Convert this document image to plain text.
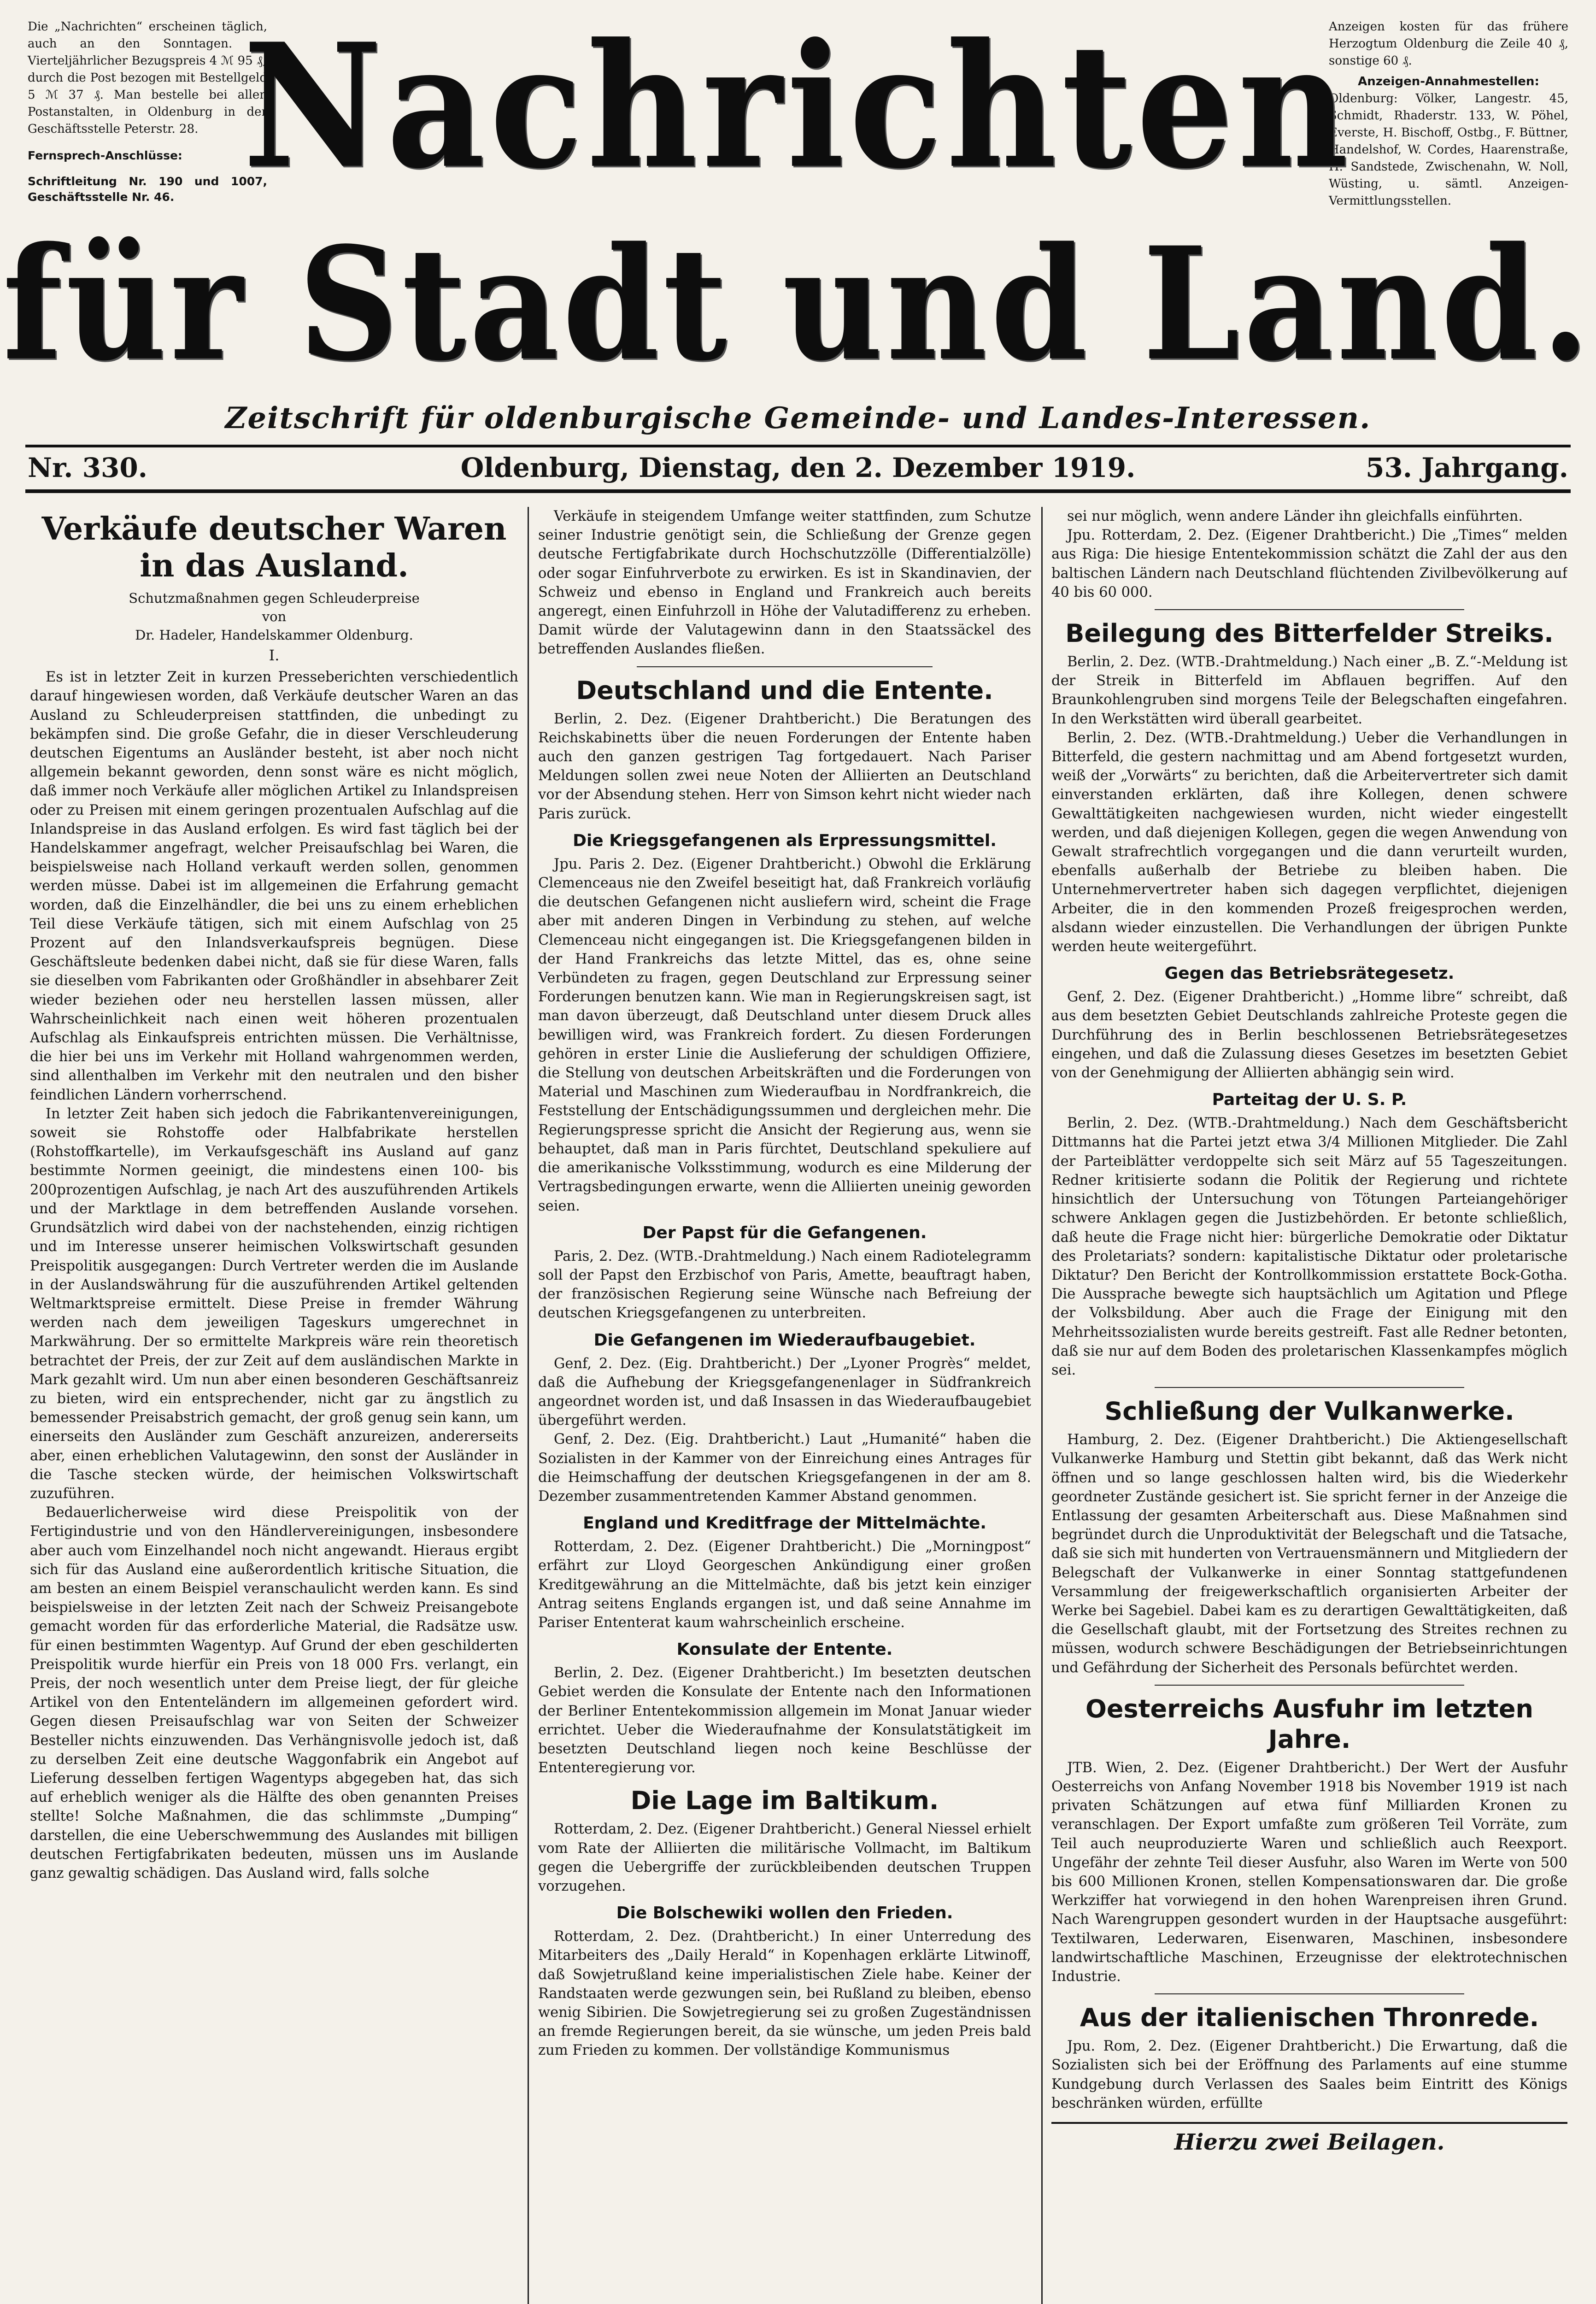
Die „Nachrichten“ erscheinen täglich, auch an den Sonntagen. — Vierteljährlicher Bezugspreis 4 ℳ 95 ₰,
durch die Post bezogen mit Bestellgeld 5 ℳ 37 ₰. Man bestelle bei allen Postanstalten, in Oldenburg in der Geschäftsstelle Peterstr. 28.
Fernsprech-Anschlüsse:
Schriftleitung Nr. 190 und 1007, Geschäftsstelle Nr. 46.
Anzeigen kosten für das frühere Herzogtum Oldenburg die Zeile 40 ₰, sonstige 60 ₰.
Anzeigen-Annahmestellen:
Oldenburg: Völker, Langestr. 45, Schmidt, Rhaderstr. 133, W. Pöhel, Everste, H. Bischoff, Ostbg., F. Büttner, Handelshof, W. Cordes, Haarenstraße, H. Sandstede, Zwischenahn, W. Noll, Wüsting, u. sämtl. Anzeigen-Vermittlungsstellen.
Nachrichten
für Stadt und Land.
Zeitschrift für oldenburgische Gemeinde- und Landes-Interessen.
Nr. 330.	Oldenburg, Dienstag, den 2. Dezember 1919.	53. Jahrgang.
Verkäufe deutscher Waren in das Ausland.
Schutzmaßnahmen gegen Schleuderpreise
von
Dr. Hadeler, Handelskammer Oldenburg.
I.

Es ist in letzter Zeit in kurzen Presseberichten verschiedentlich darauf hingewiesen worden, daß Verkäufe deutscher Waren an das Ausland zu Schleuderpreisen stattfinden, die unbedingt zu bekämpfen sind. Die große Gefahr, die in dieser Verschleuderung deutschen Eigentums an Ausländer besteht, ist aber noch nicht allgemein bekannt geworden, denn sonst wäre es nicht möglich, daß immer noch Verkäufe aller möglichen Artikel zu Inlandspreisen oder zu Preisen mit einem geringen prozentualen Aufschlag auf die Inlandspreise in das Ausland erfolgen. Es wird fast täglich bei der Handelskammer angefragt, welcher Preisaufschlag bei Waren, die beispielsweise nach Holland verkauft werden sollen, genommen werden müsse. Dabei ist im allgemeinen die Erfahrung gemacht worden, daß die Einzelhändler, die bei uns zu einem erheblichen Teil diese Verkäufe tätigen, sich mit einem Aufschlag von 25 Prozent auf den Inlandsverkaufspreis begnügen. Diese Geschäftsleute bedenken dabei nicht, daß sie für diese Waren, falls sie dieselben vom Fabrikanten oder Großhändler in absehbarer Zeit wieder beziehen oder neu herstellen lassen müssen, aller Wahrscheinlichkeit nach einen weit höheren prozentualen Aufschlag als Einkaufspreis entrichten müssen. Die Verhältnisse, die hier bei uns im Verkehr mit Holland wahrgenommen werden, sind allenthalben im Verkehr mit den neutralen und den bisher feindlichen Ländern vorherrschend.

In letzter Zeit haben sich jedoch die Fabrikantenvereinigungen, soweit sie Rohstoffe oder Halbfabrikate herstellen (Rohstoffkartelle), im Verkaufsgeschäft ins Ausland auf ganz bestimmte Normen geeinigt, die mindestens einen 100- bis 200prozentigen Aufschlag, je nach Art des auszuführenden Artikels und der Marktlage in dem betreffenden Auslande vorsehen. Grundsätzlich wird dabei von der nachstehenden, einzig richtigen und im Interesse unserer heimischen Volkswirtschaft gesunden Preispolitik ausgegangen: Durch Vertreter werden die im Auslande in der Auslandswährung für die auszuführenden Artikel geltenden Weltmarktspreise ermittelt. Diese Preise in fremder Währung werden nach dem jeweiligen Tageskurs umgerechnet in Markwährung. Der so ermittelte Markpreis wäre rein theoretisch betrachtet der Preis, der zur Zeit auf dem ausländischen Markte in Mark gezahlt wird. Um nun aber einen besonderen Geschäftsanreiz zu bieten, wird ein entsprechender, nicht gar zu ängstlich zu bemessender Preisabstrich gemacht, der groß genug sein kann, um einerseits den Ausländer zum Geschäft anzureizen, andererseits aber, einen erheblichen Valutagewinn, den sonst der Ausländer in die Tasche stecken würde, der heimischen Volkswirtschaft zuzuführen.

Bedauerlicherweise wird diese Preispolitik von der Fertigindustrie und von den Händlervereinigungen, insbesondere aber auch vom Einzelhandel noch nicht angewandt. Hieraus ergibt sich für das Ausland eine außerordentlich kritische Situation, die am besten an einem Beispiel veranschaulicht werden kann. Es sind beispielsweise in der letzten Zeit nach der Schweiz Preisangebote gemacht worden für das erforderliche Material, die Radsätze usw. für einen bestimmten Wagentyp. Auf Grund der eben geschilderten Preispolitik wurde hierfür ein Preis von 18 000 Frs. verlangt, ein Preis, der noch wesentlich unter dem Preise liegt, der für gleiche Artikel von den Ententeländern im allgemeinen gefordert wird. Gegen diesen Preisaufschlag war von Seiten der Schweizer Besteller nichts einzuwenden. Das Verhängnisvolle jedoch ist, daß zu derselben Zeit eine deutsche Waggonfabrik ein Angebot auf Lieferung desselben fertigen Wagentyps abgegeben hat, das sich auf erheblich weniger als die Hälfte des oben genannten Preises stellte! Solche Maßnahmen, die das schlimmste „Dumping“ darstellen, die eine Ueberschwemmung des Auslandes mit billigen deutschen Fertigfabrikaten bedeuten, müssen uns im Auslande ganz gewaltig schädigen. Das Ausland wird, falls solche

Verkäufe in steigendem Umfange weiter stattfinden, zum Schutze seiner Industrie genötigt sein, die Schließung der Grenze gegen deutsche Fertigfabrikate durch Hochschutzzölle (Differentialzölle) oder sogar Einfuhrverbote zu erwirken. Es ist in Skandinavien, der Schweiz und ebenso in England und Frankreich auch bereits angeregt, einen Einfuhrzoll in Höhe der Valutadifferenz zu erheben. Damit würde der Valutagewinn dann in den Staatssäckel des betreffenden Auslandes fließen.

Deutschland und die Entente.

Berlin, 2. Dez. (Eigener Drahtbericht.) Die Beratungen des Reichskabinetts über die neuen Forderungen der Entente haben auch den ganzen gestrigen Tag fortgedauert. Nach Pariser Meldungen sollen zwei neue Noten der Alliierten an Deutschland vor der Absendung stehen. Herr von Simson kehrt nicht wieder nach Paris zurück.

Die Kriegsgefangenen als Erpressungsmittel.

Jpu. Paris 2. Dez. (Eigener Drahtbericht.) Obwohl die Erklärung Clemenceaus nie den Zweifel beseitigt hat, daß Frankreich vorläufig die deutschen Gefangenen nicht ausliefern wird, scheint die Frage aber mit anderen Dingen in Verbindung zu stehen, auf welche Clemenceau nicht eingegangen ist. Die Kriegsgefangenen bilden in der Hand Frankreichs das letzte Mittel, das es, ohne seine Verbündeten zu fragen, gegen Deutschland zur Erpressung seiner Forderungen benutzen kann. Wie man in Regierungskreisen sagt, ist man davon überzeugt, daß Deutschland unter diesem Druck alles bewilligen wird, was Frankreich fordert. Zu diesen Forderungen gehören in erster Linie die Auslieferung der schuldigen Offiziere, die Stellung von deutschen Arbeitskräften und die Forderungen von Material und Maschinen zum Wiederaufbau in Nordfrankreich, die Feststellung der Entschädigungssummen und dergleichen mehr. Die Regierungspresse spricht die Ansicht der Regierung aus, wenn sie behauptet, daß man in Paris fürchtet, Deutschland spekuliere auf die amerikanische Volksstimmung, wodurch es eine Milderung der Vertragsbedingungen erwarte, wenn die Alliierten uneinig geworden seien.

Der Papst für die Gefangenen.

Paris, 2. Dez. (WTB.-Drahtmeldung.) Nach einem Radiotelegramm soll der Papst den Erzbischof von Paris, Amette, beauftragt haben, der französischen Regierung seine Wünsche nach Befreiung der deutschen Kriegsgefangenen zu unterbreiten.

Die Gefangenen im Wiederaufbaugebiet.

Genf, 2. Dez. (Eig. Drahtbericht.) Der „Lyoner Progrès“ meldet, daß die Aufhebung der Kriegsgefangenenlager in Südfrankreich angeordnet worden ist, und daß Insassen in das Wiederaufbaugebiet übergeführt werden.

Genf, 2. Dez. (Eig. Drahtbericht.) Laut „Humanité“ haben die Sozialisten in der Kammer von der Einreichung eines Antrages für die Heimschaffung der deutschen Kriegsgefangenen in der am 8. Dezember zusammentretenden Kammer Abstand genommen.

England und Kreditfrage der Mittelmächte.

Rotterdam, 2. Dez. (Eigener Drahtbericht.) Die „Morningpost“ erfährt zur Lloyd Georgeschen Ankündigung einer großen Kreditgewährung an die Mittelmächte, daß bis jetzt kein einziger Antrag seitens Englands ergangen ist, und daß seine Annahme im Pariser Ententerat kaum wahrscheinlich erscheine.

Konsulate der Entente.

Berlin, 2. Dez. (Eigener Drahtbericht.) Im besetzten deutschen Gebiet werden die Konsulate der Entente nach den Informationen der Berliner Ententekommission allgemein im Monat Januar wieder errichtet. Ueber die Wiederaufnahme der Konsulatstätigkeit im besetzten Deutschland liegen noch keine Beschlüsse der Ententeregierung vor.

Die Lage im Baltikum.

Rotterdam, 2. Dez. (Eigener Drahtbericht.) General Niessel erhielt vom Rate der Alliierten die militärische Vollmacht, im Baltikum gegen die Uebergriffe der zurückbleibenden deutschen Truppen vorzugehen.

Die Bolschewiki wollen den Frieden.

Rotterdam, 2. Dez. (Drahtbericht.) In einer Unterredung des Mitarbeiters des „Daily Herald“ in Kopenhagen erklärte Litwinoff, daß Sowjetrußland keine imperialistischen Ziele habe. Keiner der Randstaaten werde gezwungen sein, bei Rußland zu bleiben, ebenso wenig Sibirien. Die Sowjetregierung sei zu großen Zugeständnissen an fremde Regierungen bereit, da sie wünsche, um jeden Preis bald zum Frieden zu kommen. Der vollständige Kommunismus

sei nur möglich, wenn andere Länder ihn gleichfalls einführten.

Jpu. Rotterdam, 2. Dez. (Eigener Drahtbericht.) Die „Times“ melden aus Riga: Die hiesige Ententekommission schätzt die Zahl der aus den baltischen Ländern nach Deutschland flüchtenden Zivilbevölkerung auf 40 bis 60 000.

Beilegung des Bitterfelder Streiks.

Berlin, 2. Dez. (WTB.-Drahtmeldung.) Nach einer „B. Z.“-Meldung ist der Streik in Bitterfeld im Abflauen begriffen. Auf den Braunkohlengruben sind morgens Teile der Belegschaften eingefahren. In den Werkstätten wird überall gearbeitet.

Berlin, 2. Dez. (WTB.-Drahtmeldung.) Ueber die Verhandlungen in Bitterfeld, die gestern nachmittag und am Abend fortgesetzt wurden, weiß der „Vorwärts“ zu berichten, daß die Arbeitervertreter sich damit einverstanden erklärten, daß ihre Kollegen, denen schwere Gewalttätigkeiten nachgewiesen wurden, nicht wieder eingestellt werden, und daß diejenigen Kollegen, gegen die wegen Anwendung von Gewalt strafrechtlich vorgegangen und die dann verurteilt wurden, ebenfalls außerhalb der Betriebe zu bleiben haben. Die Unternehmervertreter haben sich dagegen verpflichtet, diejenigen Arbeiter, die in den kommenden Prozeß freigesprochen werden, alsdann wieder einzustellen. Die Verhandlungen der übrigen Punkte werden heute weitergeführt.

Gegen das Betriebsrätegesetz.

Genf, 2. Dez. (Eigener Drahtbericht.) „Homme libre“ schreibt, daß aus dem besetzten Gebiet Deutschlands zahlreiche Proteste gegen die Durchführung des in Berlin beschlossenen Betriebsrätegesetzes eingehen, und daß die Zulassung dieses Gesetzes im besetzten Gebiet von der Genehmigung der Alliierten abhängig sein wird.

Parteitag der U. S. P.

Berlin, 2. Dez. (WTB.-Drahtmeldung.) Nach dem Geschäftsbericht Dittmanns hat die Partei jetzt etwa 3/4 Millionen Mitglieder. Die Zahl der Parteiblätter verdoppelte sich seit März auf 55 Tageszeitungen. Redner kritisierte sodann die Politik der Regierung und richtete hinsichtlich der Untersuchung von Tötungen Parteiangehöriger schwere Anklagen gegen die Justizbehörden. Er betonte schließlich, daß heute die Frage nicht hier: bürgerliche Demokratie oder Diktatur des Proletariats? sondern: kapitalistische Diktatur oder proletarische Diktatur? Den Bericht der Kontrollkommission erstattete Bock-Gotha. Die Aussprache bewegte sich hauptsächlich um Agitation und Pflege der Volksbildung. Aber auch die Frage der Einigung mit den Mehrheitssozialisten wurde bereits gestreift. Fast alle Redner betonten, daß sie nur auf dem Boden des proletarischen Klassenkampfes möglich sei.

Schließung der Vulkanwerke.

Hamburg, 2. Dez. (Eigener Drahtbericht.) Die Aktiengesellschaft Vulkanwerke Hamburg und Stettin gibt bekannt, daß das Werk nicht öffnen und so lange geschlossen halten wird, bis die Wiederkehr geordneter Zustände gesichert ist. Sie spricht ferner in der Anzeige die Entlassung der gesamten Arbeiterschaft aus. Diese Maßnahmen sind begründet durch die Unproduktivität der Belegschaft und die Tatsache, daß sie sich mit hunderten von Vertrauensmännern und Mitgliedern der Belegschaft der Vulkanwerke in einer Sonntag stattgefundenen Versammlung der freigewerkschaftlich organisierten Arbeiter der Werke bei Sagebiel. Dabei kam es zu derartigen Gewalttätigkeiten, daß die Gesellschaft glaubt, mit der Fortsetzung des Streites rechnen zu müssen, wodurch schwere Beschädigungen der Betriebseinrichtungen und Gefährdung der Sicherheit des Personals befürchtet werden.

Oesterreichs Ausfuhr im letzten Jahre.

JTB. Wien, 2. Dez. (Eigener Drahtbericht.) Der Wert der Ausfuhr Oesterreichs von Anfang November 1918 bis November 1919 ist nach privaten Schätzungen auf etwa fünf Milliarden Kronen zu veranschlagen. Der Export umfaßte zum größeren Teil Vorräte, zum Teil auch neuproduzierte Waren und schließlich auch Reexport. Ungefähr der zehnte Teil dieser Ausfuhr, also Waren im Werte von 500 bis 600 Millionen Kronen, stellen Kompensationswaren dar. Die große Werkziffer hat vorwiegend in den hohen Warenpreisen ihren Grund. Nach Warengruppen gesondert wurden in der Hauptsache ausgeführt: Textilwaren, Lederwaren, Eisenwaren, Maschinen, insbesondere landwirtschaftliche Maschinen, Erzeugnisse der elektrotechnischen Industrie.

Aus der italienischen Thronrede.

Jpu. Rom, 2. Dez. (Eigener Drahtbericht.) Die Erwartung, daß die Sozialisten sich bei der Eröffnung des Parlaments auf eine stumme Kundgebung durch Verlassen des Saales beim Eintritt des Königs beschränken würden, erfüllte

Hierzu zwei Beilagen.
